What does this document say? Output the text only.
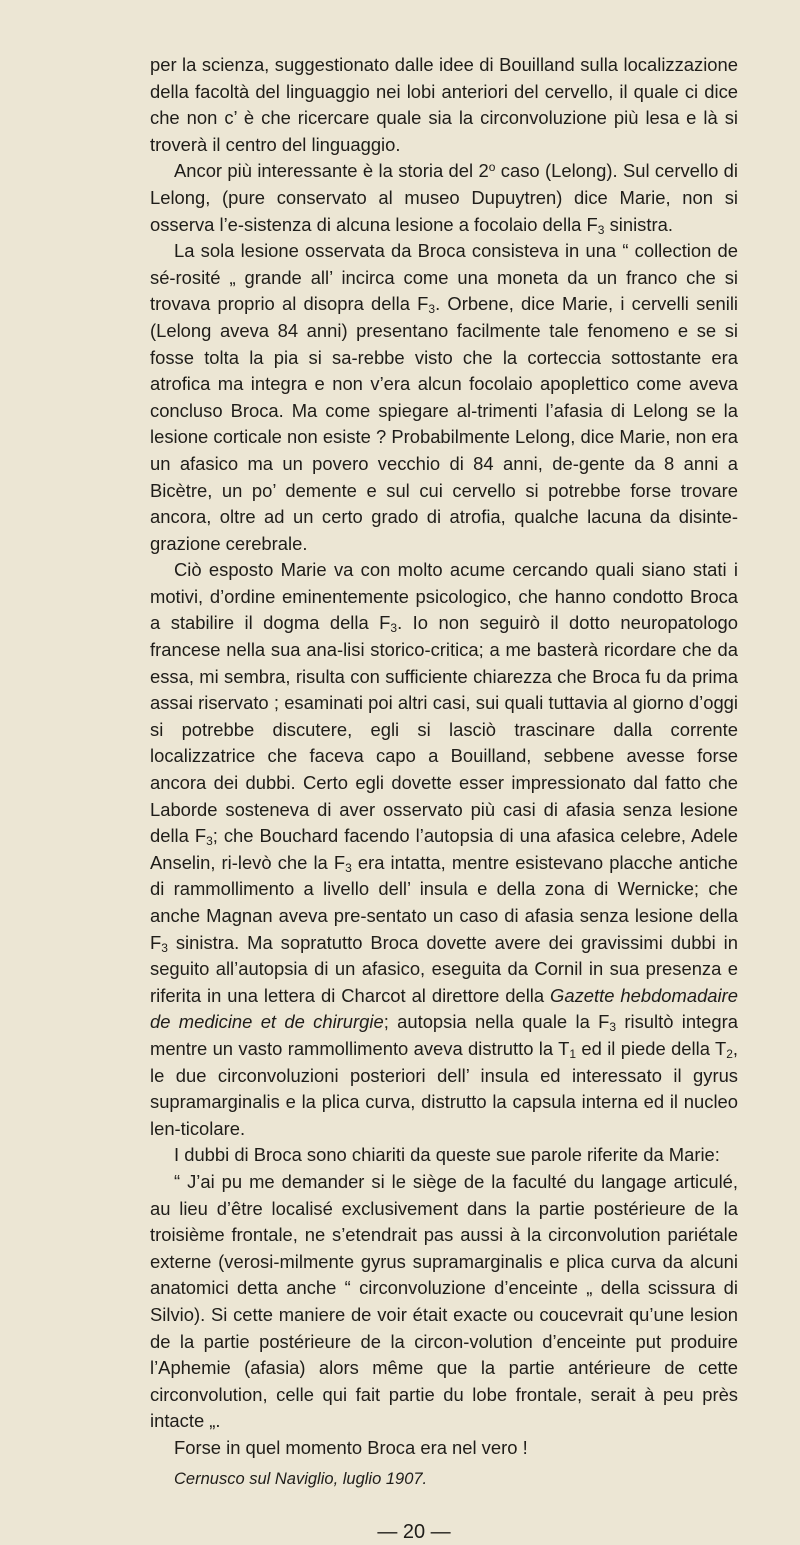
per la scienza, suggestionato dalle idee di Bouilland sulla localizzazione della facoltà del linguaggio nei lobi anteriori del cervello, il quale ci dice che non c’ è che ricercare quale sia la circonvoluzione più lesa e là si troverà il centro del linguaggio.

Ancor più interessante è la storia del 2$^o$ caso (Lelong). Sul cervello di Lelong, (pure conservato al museo Dupuytren) dice Marie, non si osserva l’e-sistenza di alcuna lesione a focolaio della $F_3$ sinistra.

La sola lesione osservata da Broca consisteva in una “ collection de sé-rosité „ grande all’ incirca come una moneta da un franco che si trovava proprio al disopra della $F_3$. Orbene, dice Marie, i cervelli senili (Lelong aveva 84 anni) presentano facilmente tale fenomeno e se si fosse tolta la pia si sa-rebbe visto che la corteccia sottostante era atrofica ma integra e non v’era alcun focolaio apoplettico come aveva concluso Broca. Ma come spiegare al-trimenti l’afasia di Lelong se la lesione corticale non esiste ? Probabilmente Lelong, dice Marie, non era un afasico ma un povero vecchio di 84 anni, de-gente da 8 anni a Bicètre, un po’ demente e sul cui cervello si potrebbe forse trovare ancora, oltre ad un certo grado di atrofia, qualche lacuna da disinte-grazione cerebrale.

Ciò esposto Marie va con molto acume cercando quali siano stati i motivi, d’ordine eminentemente psicologico, che hanno condotto Broca a stabilire il dogma della $F_3$. Io non seguirò il dotto neuropatologo francese nella sua ana-lisi storico-critica; a me basterà ricordare che da essa, mi sembra, risulta con sufficiente chiarezza che Broca fu da prima assai riservato ; esaminati poi altri casi, sui quali tuttavia al giorno d’oggi si potrebbe discutere, egli si lasciò trascinare dalla corrente localizzatrice che faceva capo a Bouilland, sebbene avesse forse ancora dei dubbi. Certo egli dovette esser impressionato dal fatto che Laborde sosteneva di aver osservato più casi di afasia senza lesione della $F_3$; che Bouchard facendo l’autopsia di una afasica celebre, Adele Anselin, ri-levò che la $F_3$ era intatta, mentre esistevano placche antiche di rammollimento a livello dell’ insula e della zona di Wernicke; che anche Magnan aveva pre-sentato un caso di afasia senza lesione della $F_3$ sinistra. Ma sopratutto Broca dovette avere dei gravissimi dubbi in seguito all’autopsia di un afasico, eseguita da Cornil in sua presenza e riferita in una lettera di Charcot al direttore della Gazette hebdomadaire de medicine et de chirurgie; autopsia nella quale la $F_3$ risultò integra mentre un vasto rammollimento aveva distrutto la $T_1$ ed il piede della $T_2$, le due circonvoluzioni posteriori dell’ insula ed interessato il gyrus supramarginalis e la plica curva, distrutto la capsula interna ed il nucleo len-ticolare.

I dubbi di Broca sono chiariti da queste sue parole riferite da Marie:

“ J’ai pu me demander si le siège de la faculté du langage articulé, au lieu d’être localisé exclusivement dans la partie postérieure de la troisième frontale, ne s’etendrait pas aussi à la circonvolution pariétale externe (verosi-milmente gyrus supramarginalis e plica curva da alcuni anatomici detta anche “ circonvoluzione d’enceinte „ della scissura di Silvio). Si cette maniere de voir était exacte ou coucevrait qu’une lesion de la partie postérieure de la circon-volution d’enceinte put produire l’Aphemie (afasia) alors même que la partie antérieure de cette circonvolution, celle qui fait partie du lobe frontale, serait à peu près intacte „.

Forse in quel momento Broca era nel vero !

Cernusco sul Naviglio, luglio 1907.
— 20 —
